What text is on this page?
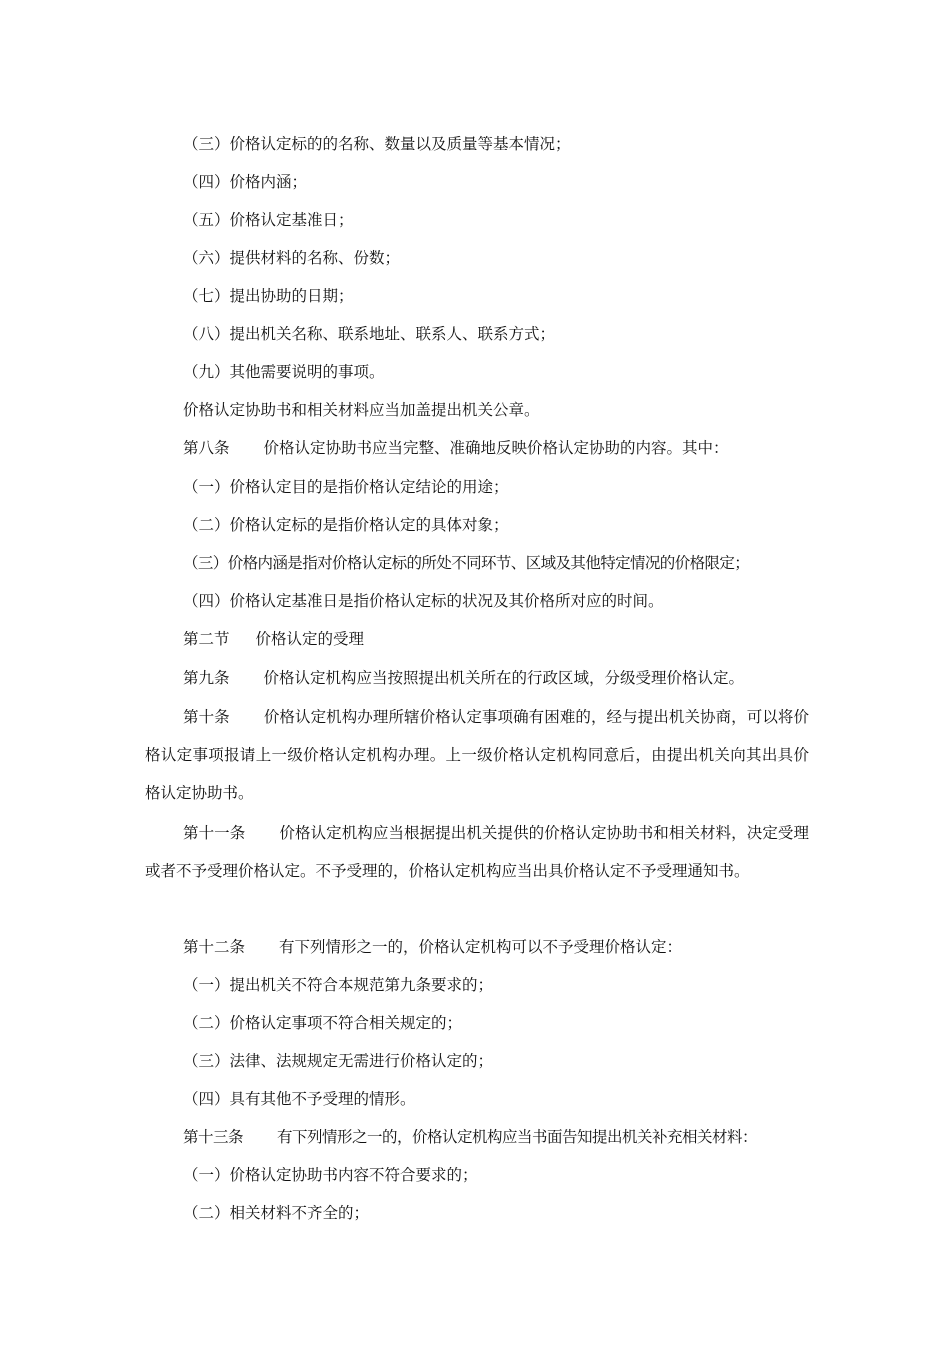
（三）价格认定标的的名称、数量以及质量等基本情况；

（四）价格内涵；

（五）价格认定基准日；

（六）提供材料的名称、份数；

（七）提出协助的日期；

（八）提出机关名称、联系地址、联系人、联系方式；

（九）其他需要说明的事项。

价格认定协助书和相关材料应当加盖提出机关公章。

第八条 价格认定协助书应当完整、准确地反映价格认定协助的内容。其中：

（一）价格认定目的是指价格认定结论的用途；

（二）价格认定标的是指价格认定的具体对象；

（三）价格内涵是指对价格认定标的所处不同环节、区域及其他特定情况的价格限定；

（四）价格认定基准日是指价格认定标的状况及其价格所对应的时间。

第二节 价格认定的受理

第九条 价格认定机构应当按照提出机关所在的行政区域，分级受理价格认定。

第十条 价格认定机构办理所辖价格认定事项确有困难的，经与提出机关协商，可以将价格认定事项报请上一级价格认定机构办理。上一级价格认定机构同意后，由提出机关向其出具价格认定协助书。

第十一条 价格认定机构应当根据提出机关提供的价格认定协助书和相关材料，决定受理或者不予受理价格认定。不予受理的，价格认定机构应当出具价格认定不予受理通知书。

第十二条 有下列情形之一的，价格认定机构可以不予受理价格认定：

（一）提出机关不符合本规范第九条要求的；

（二）价格认定事项不符合相关规定的；

（三）法律、法规规定无需进行价格认定的；

（四）具有其他不予受理的情形。

第十三条 有下列情形之一的，价格认定机构应当书面告知提出机关补充相关材料：

（一）价格认定协助书内容不符合要求的；

（二）相关材料不齐全的；
